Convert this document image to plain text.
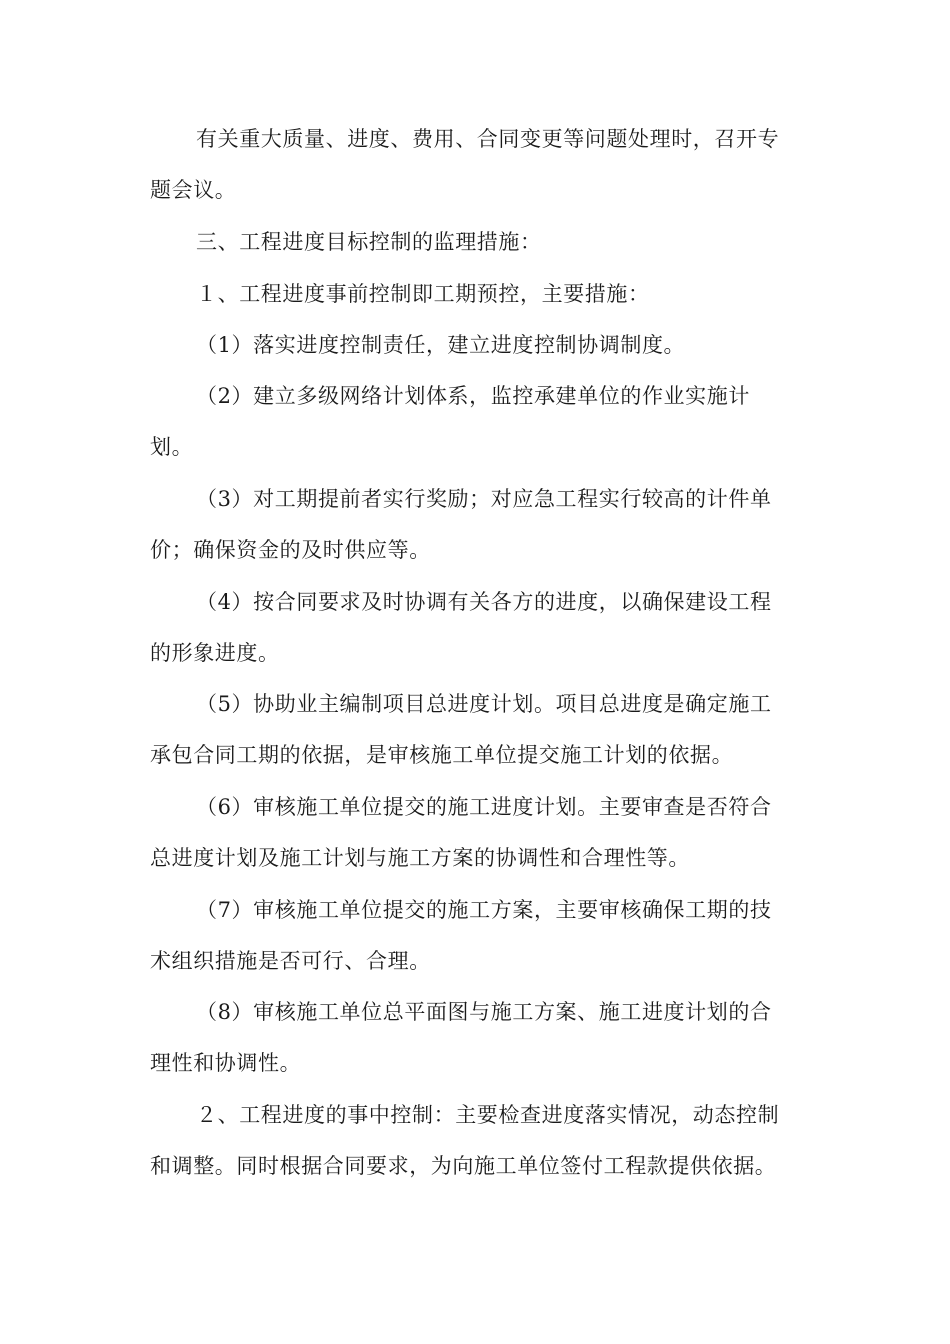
有关重大质量、进度、费用、合同变更等问题处理时，召开专
题会议。
三、工程进度目标控制的监理措施：
１、工程进度事前控制即工期预控，主要措施：
（1）落实进度控制责任，建立进度控制协调制度。
（2）建立多级网络计划体系，监控承建单位的作业实施计
划。
（3）对工期提前者实行奖励；对应急工程实行较高的计件单
价；确保资金的及时供应等。
（4）按合同要求及时协调有关各方的进度，以确保建设工程
的形象进度。
（5）协助业主编制项目总进度计划。项目总进度是确定施工
承包合同工期的依据，是审核施工单位提交施工计划的依据。
（6）审核施工单位提交的施工进度计划。主要审查是否符合
总进度计划及施工计划与施工方案的协调性和合理性等。
（7）审核施工单位提交的施工方案，主要审核确保工期的技
术组织措施是否可行、合理。
（8）审核施工单位总平面图与施工方案、施工进度计划的合
理性和协调性。
２、工程进度的事中控制：主要检查进度落实情况，动态控制
和调整。同时根据合同要求，为向施工单位签付工程款提供依据。
